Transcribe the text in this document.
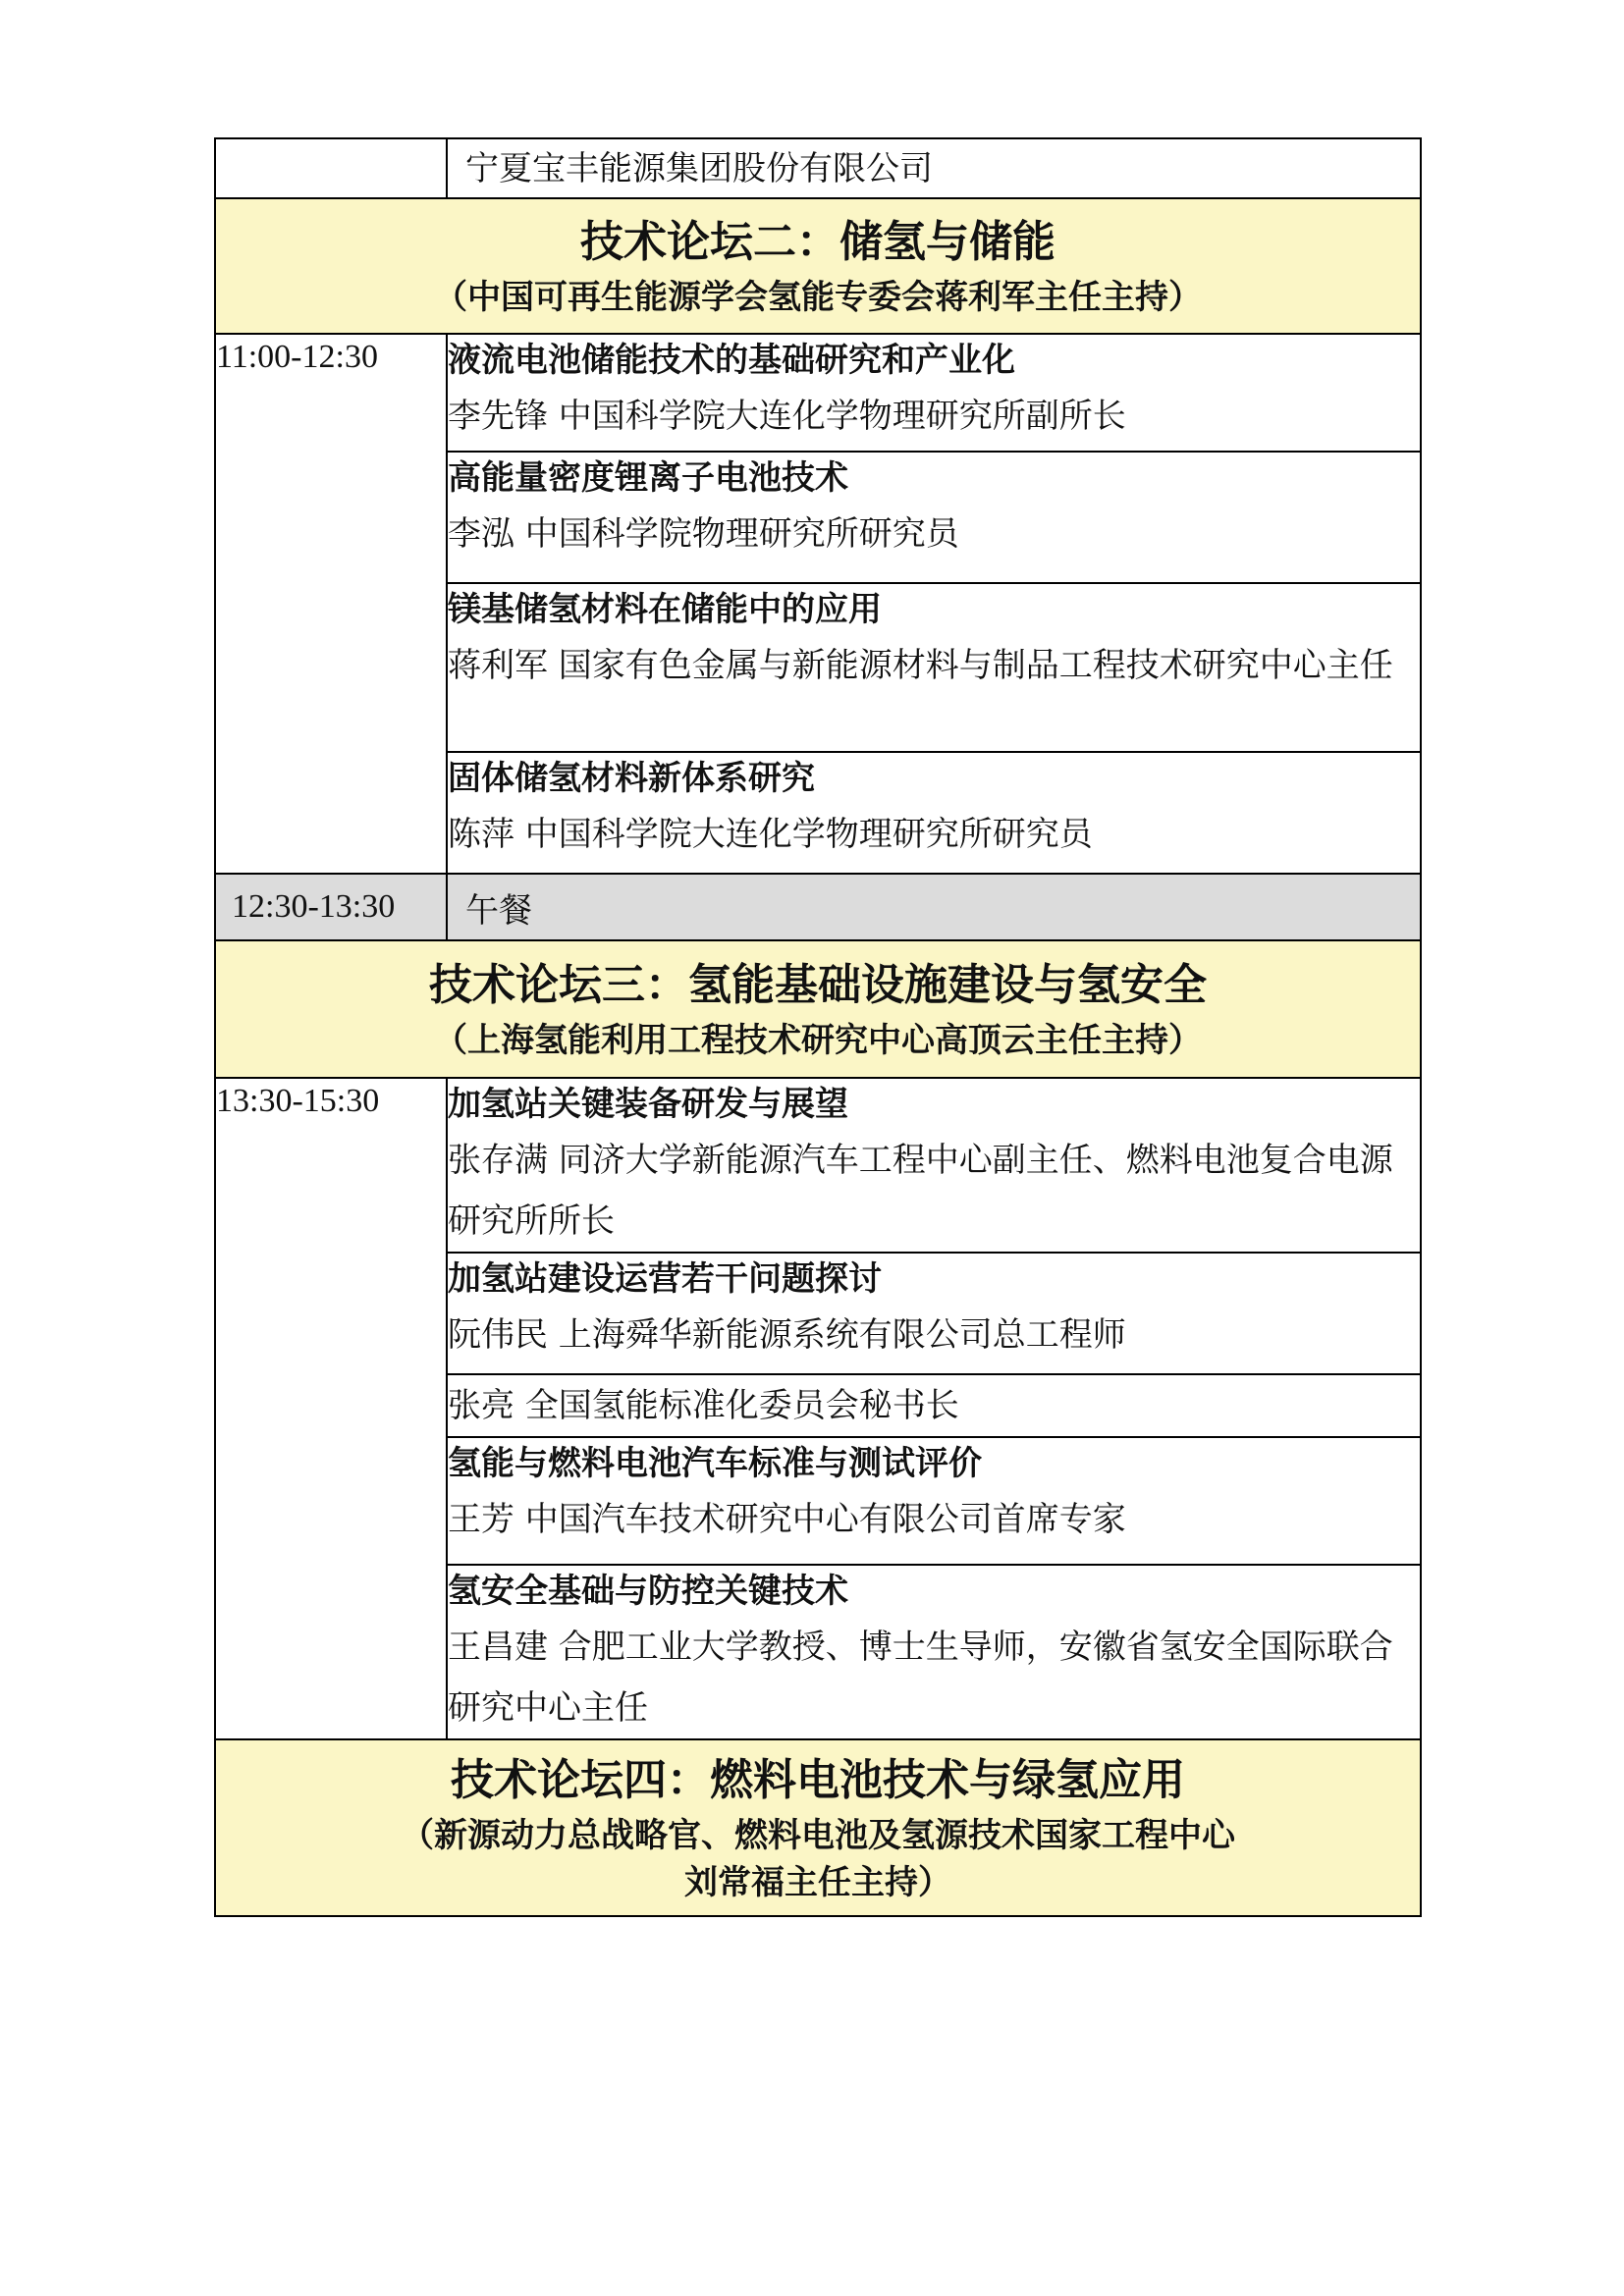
	宁夏宝丰能源集团股份有限公司

技术论坛二：储氢与储能
（中国可再生能源学会氢能专委会蒋利军主任主持）	

11:00-12:30	液流电池储能技术的基础研究和产业化

李先锋 中国科学院大连化学物理研究所副所长

	高能量密度锂离子电池技术

李泓 中国科学院物理研究所研究员

	镁基储氢材料在储能中的应用

蒋利军 国家有色金属与新能源材料与制品工程技术研究中心主任

	固体储氢材料新体系研究

陈萍 中国科学院大连化学物理研究所研究员

12:30-13:30	午餐

技术论坛三：氢能基础设施建设与氢安全
（上海氢能利用工程技术研究中心高顶云主任主持）	

13:30-15:30	加氢站关键装备研发与展望

张存满 同济大学新能源汽车工程中心副主任、燃料电池复合电源研究所所长

	加氢站建设运营若干问题探讨

阮伟民 上海舜华新能源系统有限公司总工程师

	张亮 全国氢能标准化委员会秘书长

	氢能与燃料电池汽车标准与测试评价

王芳 中国汽车技术研究中心有限公司首席专家

	氢安全基础与防控关键技术

王昌建 合肥工业大学教授、博士生导师，安徽省氢安全国际联合研究中心主任

技术论坛四：燃料电池技术与绿氢应用
（新源动力总战略官、燃料电池及氢源技术国家工程中心
刘常福主任主持）	
